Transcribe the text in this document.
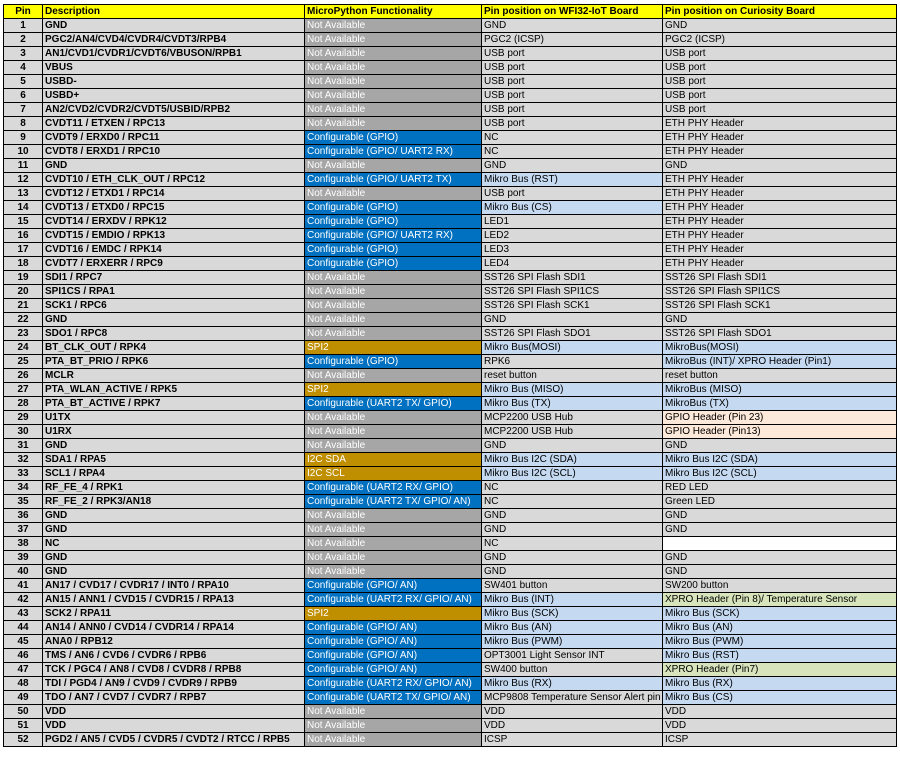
Pin	Description	MicroPython Functionality	Pin position on WFI32-IoT Board	Pin position on Curiosity Board
1	GND	Not Available	GND	GND
2	PGC2/AN4/CVD4/CVDR4/CVDT3/RPB4	Not Available	PGC2 (ICSP)	PGC2 (ICSP)
3	AN1/CVD1/CVDR1/CVDT6/VBUSON/RPB1	Not Available	USB port	USB port
4	VBUS	Not Available	USB port	USB port
5	USBD-	Not Available	USB port	USB port
6	USBD+	Not Available	USB port	USB port
7	AN2/CVD2/CVDR2/CVDT5/USBID/RPB2	Not Available	USB port	USB port
8	CVDT11 / ETXEN / RPC13	Not Available	USB port	ETH PHY Header
9	CVDT9 / ERXD0 / RPC11	Configurable (GPIO)	NC	ETH PHY Header
10	CVDT8 / ERXD1 / RPC10	Configurable (GPIO/ UART2 RX)	NC	ETH PHY Header
11	GND	Not Available	GND	GND
12	CVDT10 / ETH_CLK_OUT / RPC12	Configurable (GPIO/ UART2 TX)	Mikro Bus (RST)	ETH PHY Header
13	CVDT12 / ETXD1 / RPC14	Not Available	USB port	ETH PHY Header
14	CVDT13 / ETXD0 / RPC15	Configurable (GPIO)	Mikro Bus (CS)	ETH PHY Header
15	CVDT14 / ERXDV / RPK12	Configurable (GPIO)	LED1	ETH PHY Header
16	CVDT15 / EMDIO / RPK13	Configurable (GPIO/ UART2 RX)	LED2	ETH PHY Header
17	CVDT16 / EMDC / RPK14	Configurable (GPIO)	LED3	ETH PHY Header
18	CVDT7 / ERXERR / RPC9	Configurable (GPIO)	LED4	ETH PHY Header
19	SDI1 / RPC7	Not Available	SST26 SPI Flash SDI1	SST26 SPI Flash SDI1
20	SPI1CS / RPA1	Not Available	SST26 SPI Flash SPI1CS	SST26 SPI Flash SPI1CS
21	SCK1 / RPC6	Not Available	SST26 SPI Flash SCK1	SST26 SPI Flash SCK1
22	GND	Not Available	GND	GND
23	SDO1 / RPC8	Not Available	SST26 SPI Flash SDO1	SST26 SPI Flash SDO1
24	BT_CLK_OUT / RPK4	SPI2	Mikro Bus(MOSI)	MikroBus(MOSI)
25	PTA_BT_PRIO / RPK6	Configurable (GPIO)	RPK6	MikroBus (INT)/ XPRO Header (Pin1)
26	MCLR	Not Available	reset button	reset button
27	PTA_WLAN_ACTIVE / RPK5	SPI2	Mikro Bus (MISO)	MikroBus (MISO)
28	PTA_BT_ACTIVE / RPK7	Configurable (UART2 TX/ GPIO)	Mikro Bus (TX)	MikroBus (TX)
29	U1TX	Not Available	MCP2200 USB Hub	GPIO Header (Pin 23)
30	U1RX	Not Available	MCP2200 USB Hub	GPIO Header (Pin13)
31	GND	Not Available	GND	GND
32	SDA1 / RPA5	I2C SDA	Mikro Bus I2C (SDA)	Mikro Bus I2C (SDA)
33	SCL1 / RPA4	I2C SCL	Mikro Bus I2C (SCL)	Mikro Bus I2C (SCL)
34	RF_FE_4 / RPK1	Configurable (UART2 RX/ GPIO)	NC	RED LED
35	RF_FE_2 / RPK3/AN18	Configurable (UART2 TX/ GPIO/ AN)	NC	Green LED
36	GND	Not Available	GND	GND
37	GND	Not Available	GND	GND
38	NC	Not Available	NC	
39	GND	Not Available	GND	GND
40	GND	Not Available	GND	GND
41	AN17 / CVD17 / CVDR17 / INT0 / RPA10	Configurable (GPIO/ AN)	SW401 button	SW200 button
42	AN15 / ANN1 / CVD15 / CVDR15 / RPA13	Configurable (UART2 RX/ GPIO/ AN)	Mikro Bus (INT)	XPRO Header (Pin 8)/ Temperature Sensor
43	SCK2 / RPA11	SPI2	Mikro Bus (SCK)	Mikro Bus (SCK)
44	AN14 / ANN0 / CVD14 / CVDR14 / RPA14	Configurable (GPIO/ AN)	Mikro Bus (AN)	Mikro Bus (AN)
45	ANA0 / RPB12	Configurable (GPIO/ AN)	Mikro Bus (PWM)	Mikro Bus (PWM)
46	TMS / AN6 / CVD6 / CVDR6 / RPB6	Configurable (GPIO/ AN)	OPT3001 Light Sensor INT	Mikro Bus (RST)
47	TCK / PGC4 / AN8 / CVD8 / CVDR8 / RPB8	Configurable (GPIO/ AN)	SW400 button	XPRO Header (Pin7)
48	TDI / PGD4 / AN9 / CVD9 / CVDR9 / RPB9	Configurable (UART2 RX/ GPIO/ AN)	Mikro Bus (RX)	Mikro Bus (RX)
49	TDO / AN7 / CVD7 / CVDR7 / RPB7	Configurable (UART2 TX/ GPIO/ AN)	MCP9808 Temperature Sensor Alert pin	Mikro Bus (CS)
50	VDD	Not Available	VDD	VDD
51	VDD	Not Available	VDD	VDD
52	PGD2 / AN5 / CVD5 / CVDR5 / CVDT2 / RTCC / RPB5	Not Available	ICSP	ICSP
